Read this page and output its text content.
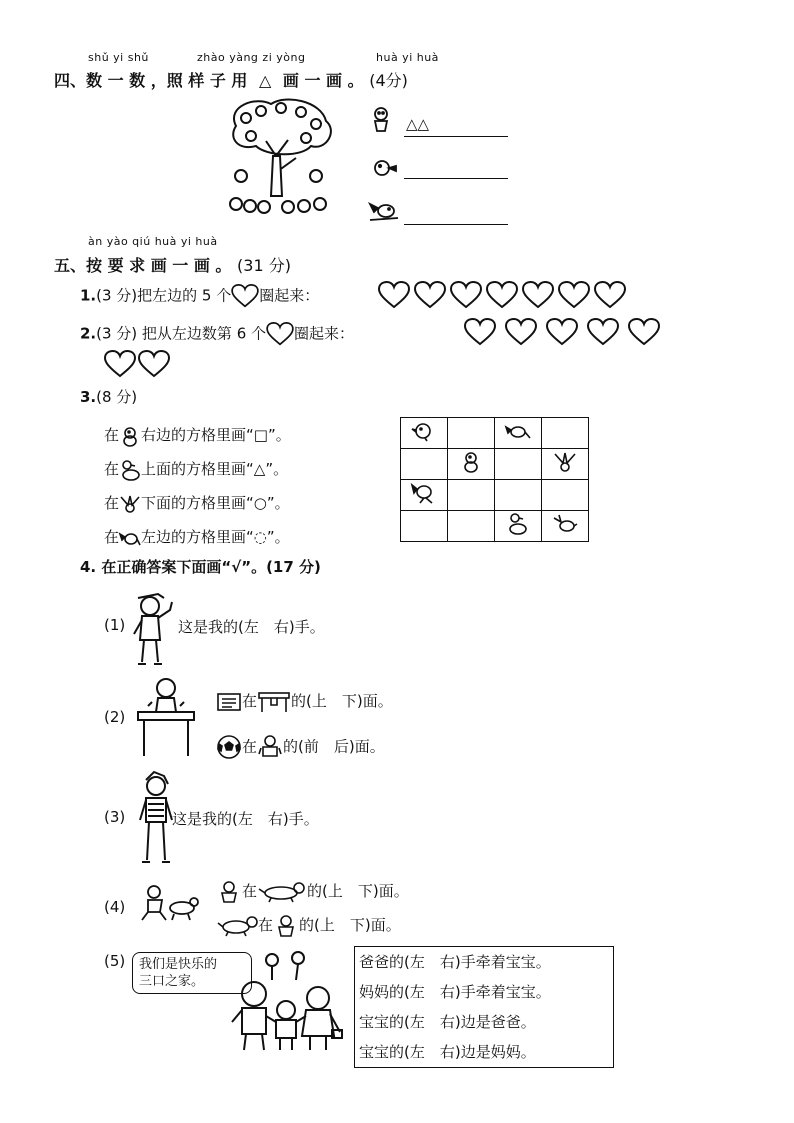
shǔ yi shǔ	zhào yàng zi yòng	huà yi huà
四、数 一 数 ，照 样 子 用 △ 画 一 画 。 (4分)
△△
àn yào qiú huà yi huà
五、按 要 求 画 一 画 。 (31 分)
1.(3 分)把左边的 5 个 圈起来：
2.(3 分) 把从左边数第 6 个 圈起来：
3.(8 分)
在 右边的方格里画“□”。
在 上面的方格里画“△”。
在 下面的方格里画“○”。
在 左边的方格里画“◌”。

4. 在正确答案下面画“√”。(17 分)
(1)	这是我的(左　右)手。
(2)
在 的(上　下)面。
在 的(前　后)面。
(3)	这是我的(左　右)手。
(4)
在	的(上　下)面。
在 的(上　下)面。
(5) 我们是快乐的
三口之家。
爸爸的(左　右)手牵着宝宝。
妈妈的(左　右)手牵着宝宝。
宝宝的(左　右)边是爸爸。
宝宝的(左　右)边是妈妈。
